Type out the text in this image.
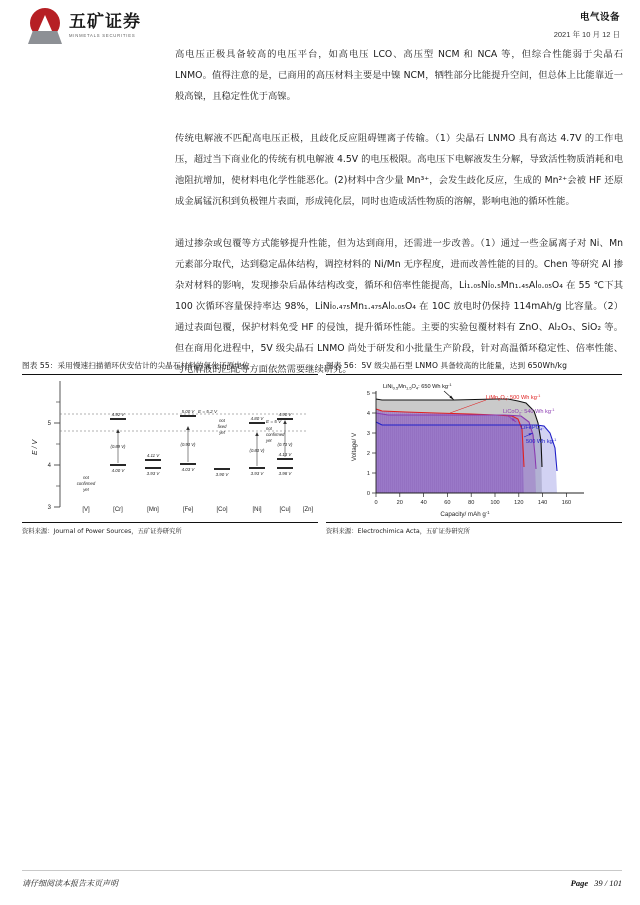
五矿证券
MINMETALS SECURITIES
电气设备
2021 年 10 月 12 日

高电压正极具备较高的电压平台，如高电压 LCO、高压型 NCM 和 NCA 等，但综合性能弱于尖晶石 LNMO。值得注意的是，已商用的高压材料主要是中镍 NCM，牺牲部分比能提升空间，但总体上比能靠近一般高镍，且稳定性优于高镍。

传统电解液不匹配高电压正极，且歧化反应阻碍锂离子传输。（1）尖晶石 LNMO 具有高达 4.7V 的工作电压，超过当下商业化的传统有机电解液 4.5V 的电压极限。高电压下电解液发生分解，导致活性物质消耗和电池阻抗增加，使材料电化学性能恶化。(2)材料中含少量 Mn³⁺，会发生歧化反应，生成的 Mn²⁺会被 HF 还原成金属锰沉积到负极锂片表面，形成钝化层，同时也造成活性物质的溶解，影响电池的循环性能。

通过掺杂或包覆等方式能够提升性能，但为达到商用，还需进一步改善。（1）通过一些金属离子对 Ni、Mn 元素部分取代，达到稳定晶体结构，调控材料的 Ni/Mn 无序程度，进而改善性能的目的。Chen 等研究 Al 掺杂对材料的影响，发现掺杂后晶体结构改变，循环和倍率性能提高，Li₁.₀₅Ni₀.₅Mn₁.₄₅Al₀.₀₅O₄ 在 55 ℃下其 100 次循环容量保持率达 98%，LiNi₀.₄₇₅Mn₁.₄₇₅Al₀.₀₅O₄ 在 10C 放电时仍保持 114mAh/g 比容量。（2）通过表面包覆，保护材料免受 HF 的侵蚀，提升循环性能。主要的实验包覆材料有 ZnO、Al₂O₃、SiO₂ 等。但在商用化进程中，5V 级尖晶石 LNMO 尚处于研发和小批量生产阶段，针对高温循环稳定性、倍率性能、与电解液的匹配等方面依然需要继续研究。

图表 55：采用慢速扫描循环伏安估计的尖晶石材料的氧化还原电位
3
4
5
E / V
E = 5.2 V
E = 5 V
not
confirmed
yet
not
confirmed
yet
4.92 V
(0.89 V)
4.00 V
4.11 V
3.93 V
5.00 V
(0.93 V)
4.03 V
not
fixed
yet
3.90 V
4.80 V
(0.83 V)
3.93 V
4.90 V
(0.73 V)
4.13 V
3.98 V
[V]	[Cr]	[Mn]	[Fe]	[Co]	[Ni]	[Cu] [Zn]
资料来源：Journal of Power Sources，五矿证券研究所
图表 56：5V 级尖晶石型 LNMO 具备较高的比能量，达到 650Wh/kg
0	20	40	60	80	100	120	140	160
0
1
2
3
4
5
Capacity/ mAh $g^{-1}$
Voltage/ V
$LiNi_{0.5}Mn_{1.5}O_4$: 650 Wh $kg^{-1}$
$LiMn_2O_4$: 500 Wh $kg^{-1}$
LiCoO$_2$: 540 Wh $kg^{-1}$
LiFePO$_4$:
500 Wh $kg^{-1}$
资料来源：Electrochimica Acta，五矿证券研究所
请仔细阅读本报告末页声明	Page 39 / 101
